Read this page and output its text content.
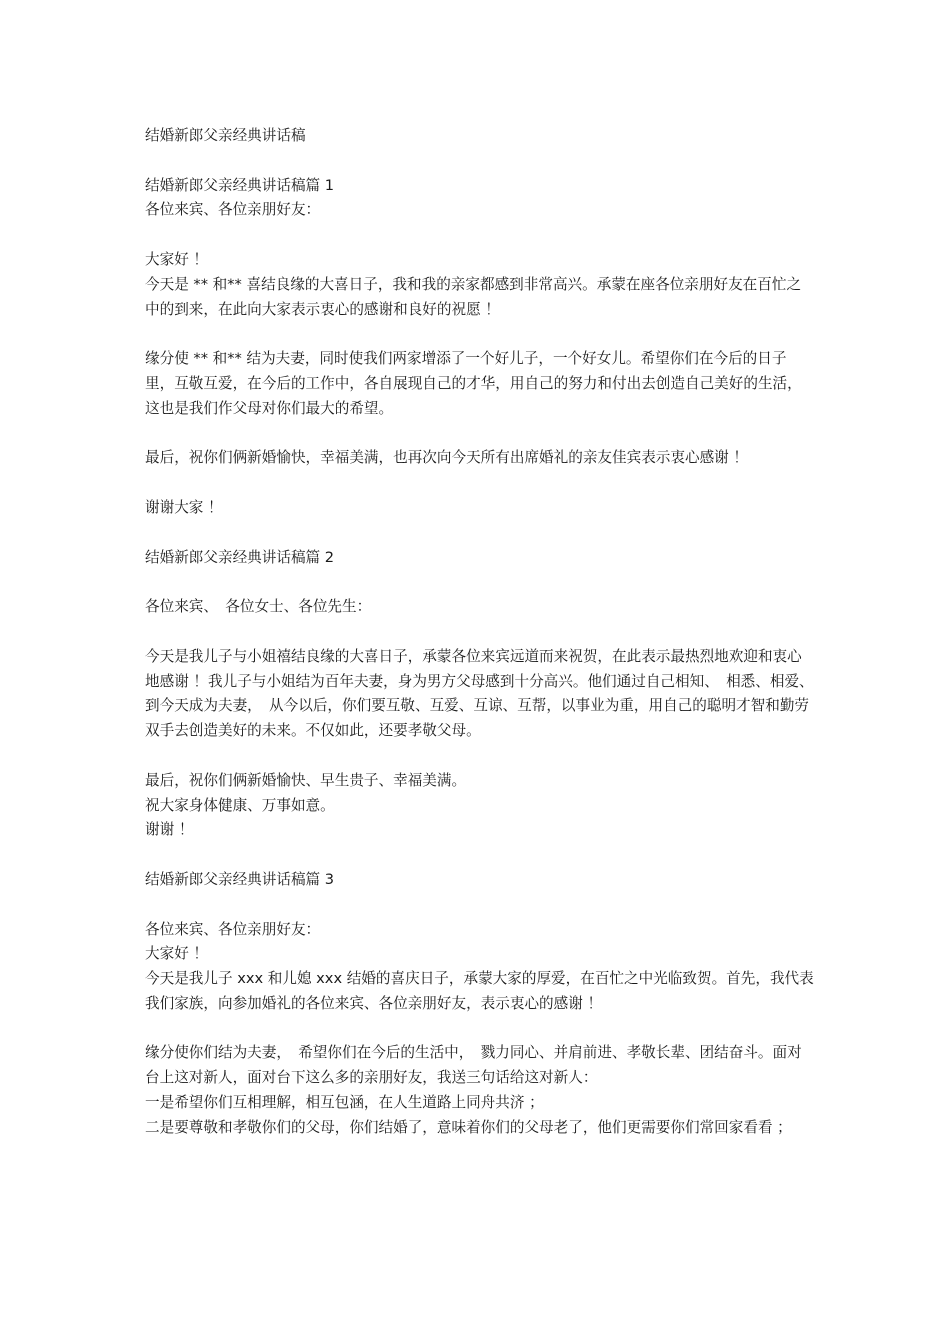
结婚新郎父亲经典讲话稿

结婚新郎父亲经典讲话稿篇 1

各位来宾、各位亲朋好友：

大家好 ！

今天是 ** 和** 喜结良缘的大喜日子，我和我的亲家都感到非常高兴。承蒙在座各位亲朋好友在百忙之中的到来，在此向大家表示衷心的感谢和良好的祝愿 ！

缘分使 ** 和** 结为夫妻，同时使我们两家增添了一个好儿子，一个好女儿。希望你们在今后的日子里，互敬互爱，在今后的工作中，各自展现自己的才华，用自己的努力和付出去创造自己美好的生活，这也是我们作父母对你们最大的希望。

最后，祝你们俩新婚愉快，幸福美满，也再次向今天所有出席婚礼的亲友佳宾表示衷心感谢 ！

谢谢大家 ！

结婚新郎父亲经典讲话稿篇 2

各位来宾、　各位女士、各位先生：

今天是我儿子与小姐禧结良缘的大喜日子，承蒙各位来宾远道而来祝贺，在此表示最热烈地欢迎和衷心地感谢 ！我儿子与小姐结为百年夫妻，身为男方父母感到十分高兴。他们通过自己相知、　相悉、相爱、到今天成为夫妻，　从今以后，你们要互敬、互爱、互谅、互帮，以事业为重，用自己的聪明才智和勤劳双手去创造美好的未来。不仅如此，还要孝敬父母。

最后，祝你们俩新婚愉快、早生贵子、幸福美满。

祝大家身体健康、万事如意。

谢谢 ！

结婚新郎父亲经典讲话稿篇 3

各位来宾、各位亲朋好友：

大家好 ！

今天是我儿子 xxx 和儿媳 xxx 结婚的喜庆日子，承蒙大家的厚爱，在百忙之中光临致贺。首先，我代表我们家族，向参加婚礼的各位来宾、各位亲朋好友，表示衷心的感谢 ！

缘分使你们结为夫妻，　希望你们在今后的生活中，　戮力同心、并肩前进、孝敬长辈、团结奋斗。面对台上这对新人，面对台下这么多的亲朋好友，我送三句话给这对新人：

一是希望你们互相理解，相互包涵，在人生道路上同舟共济 ；

二是要尊敬和孝敬你们的父母，你们结婚了，意味着你们的父母老了，他们更需要你们常回家看看 ；
